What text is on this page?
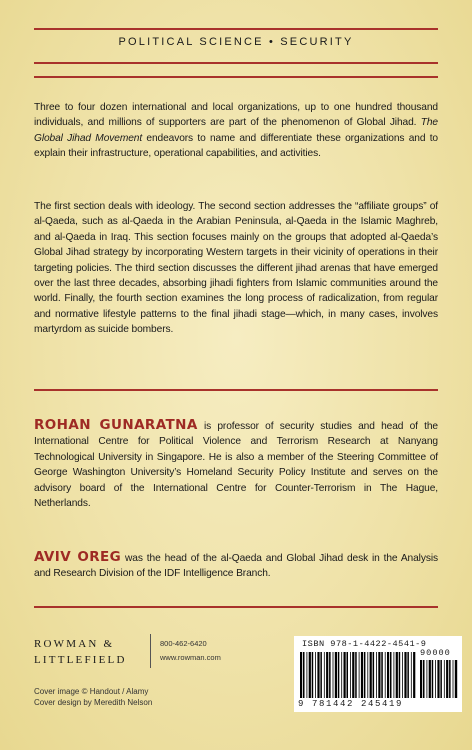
POLITICAL SCIENCE • SECURITY

Three to four dozen international and local organizations, up to one hundred thousand individuals, and millions of supporters are part of the phenomenon of Global Jihad. The Global Jihad Movement endeavors to name and differentiate these organizations and to explain their infrastructure, operational capabilities, and activities.

The first section deals with ideology. The second section addresses the “affiliate groups” of al-Qaeda, such as al-Qaeda in the Arabian Peninsula, al-Qaeda in the Islamic Maghreb, and al-Qaeda in Iraq. This section focuses mainly on the groups that adopted al-Qaeda’s Global Jihad strategy by incorporating Western targets in their vicinity of operations in their targeting policies. The third section discusses the different jihad arenas that have emerged over the last three decades, absorbing jihadi fighters from Islamic communities around the world. Finally, the fourth section examines the long process of radicalization, from regular and normative lifestyle patterns to the final jihadi stage—which, in many cases, involves martyrdom as suicide bombers.

ROHAN GUNARATNA is professor of security studies and head of the International Centre for Political Violence and Terrorism Research at Nanyang Technological University in Singapore. He is also a member of the Steering Committee of George Washington University’s Homeland Security Policy Institute and serves on the advisory board of the International Centre for Counter-Terrorism in The Hague, Netherlands.

AVIV OREG was the head of the al-Qaeda and Global Jihad desk in the Analysis and Research Division of the IDF Intelligence Branch.

ROWMAN &
LITTLEFIELD
800-462-6420
www.rowman.com
Cover image © Handout / Alamy
Cover design by Meredith Nelson
ISBN 978-1-4422-4541-9
90000
9 781442 245419
